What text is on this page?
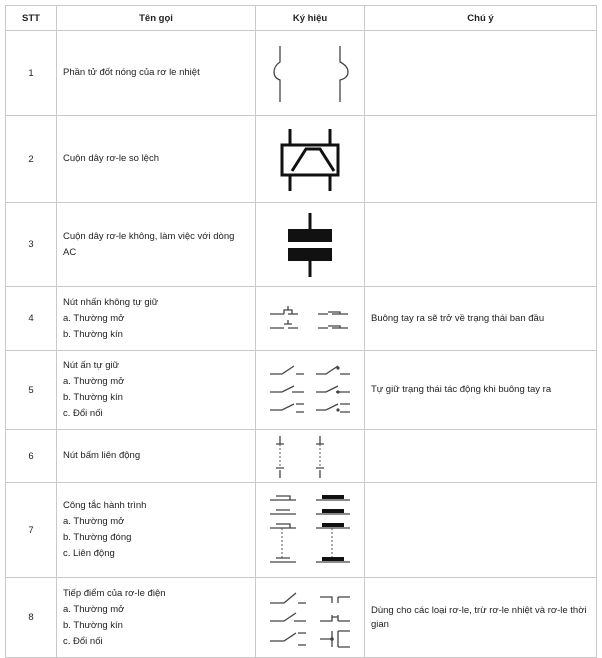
STT	Tên gọi	Ký hiệu	Chú ý
1	Phần tử đốt nóng của rơ le nhiệt	

2	Cuộn dây rơ-le so lệch	

3	Cuộn dây rơ-le không, làm việc với dòng AC	

4	Nút nhấn không tự giữ
a. Thường mở
b. Thường kín		Buông tay ra sẽ trở về trạng thái ban đầu
5	Nút ấn tự giữ
a. Thường mở
b. Thường kín
c. Đổi nối		Tự giữ trạng thái tác động khi buông tay ra
6	Nút bấm liên động	

7	Công tắc hành trình
a. Thường mở
b. Thường đóng
c. Liên động

8	Tiếp điểm của rơ-le điện
a. Thường mở
b. Thường kín
c. Đổi nối		Dùng cho các loại rơ-le, trừ rơ-le nhiệt và rơ-le thời gian
